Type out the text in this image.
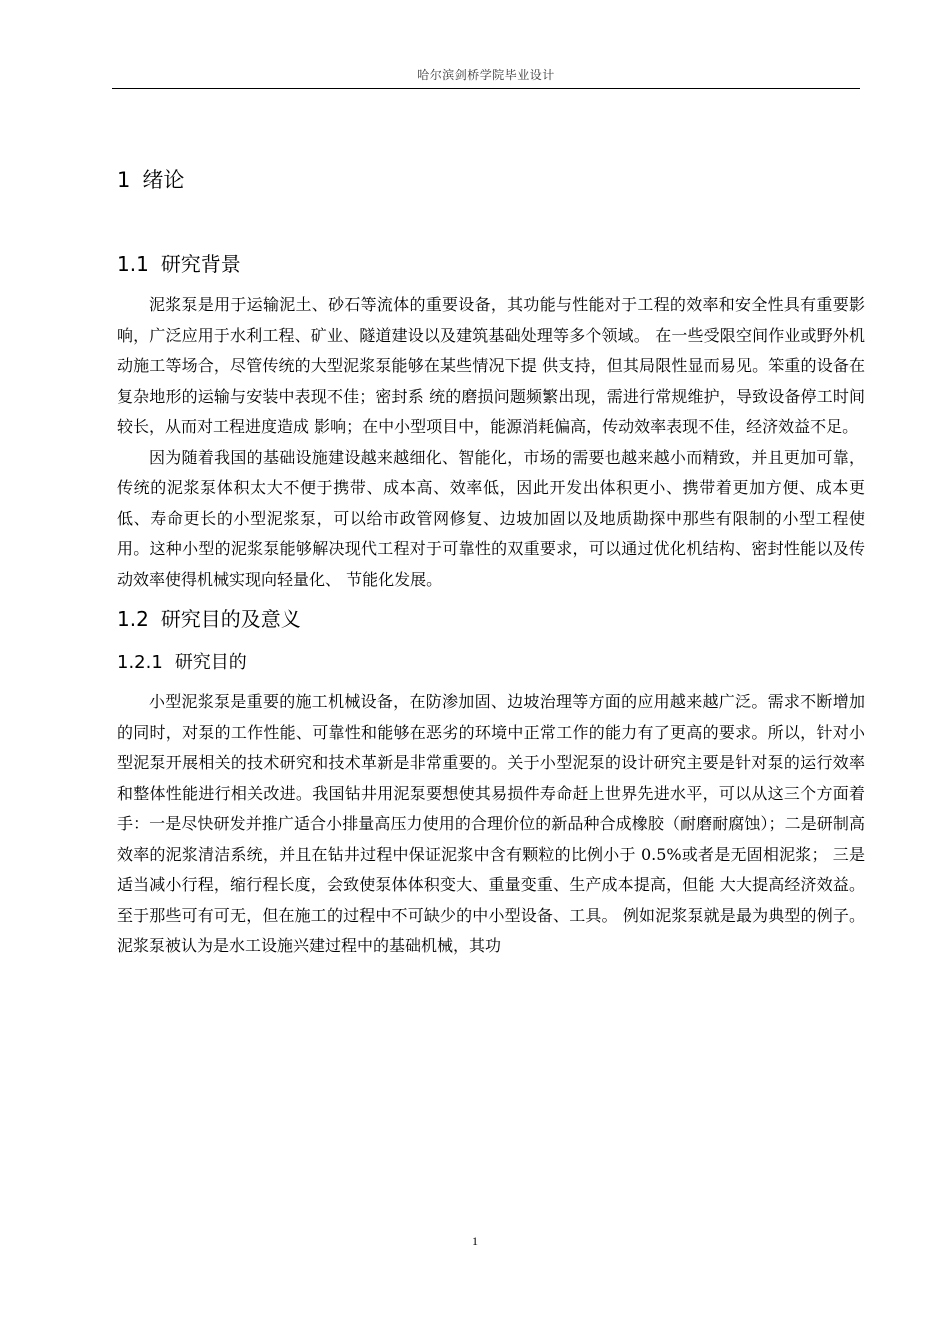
哈尔滨剑桥学院毕业设计
1 绪论
1.1 研究背景

泥浆泵是用于运输泥土、砂石等流体的重要设备，其功能与性能对于工程的效率和安全性具有重要影响，广泛应用于水利工程、矿业、隧道建设以及建筑基础处理等多个领域。 在一些受限空间作业或野外机动施工等场合，尽管传统的大型泥浆泵能够在某些情况下提 供支持，但其局限性显而易见。笨重的设备在复杂地形的运输与安装中表现不佳；密封系 统的磨损问题频繁出现，需进行常规维护，导致设备停工时间较长，从而对工程进度造成 影响；在中小型项目中，能源消耗偏高，传动效率表现不佳，经济效益不足。

因为随着我国的基础设施建设越来越细化、智能化，市场的需要也越来越小而精致，并且更加可靠，传统的泥浆泵体积太大不便于携带、成本高、效率低，因此开发出体积更小、携带着更加方便、成本更低、寿命更长的小型泥浆泵，可以给市政管网修复、边坡加固以及地质勘探中那些有限制的小型工程使用。这种小型的泥浆泵能够解决现代工程对于可靠性的双重要求，可以通过优化机结构、密封性能以及传动效率使得机械实现向轻量化、 节能化发展。

1.2 研究目的及意义
1.2.1 研究目的

小型泥浆泵是重要的施工机械设备，在防渗加固、边坡治理等方面的应用越来越广泛。需求不断增加的同时，对泵的工作性能、可靠性和能够在恶劣的环境中正常工作的能力有了更高的要求。所以，针对小型泥泵开展相关的技术研究和技术革新是非常重要的。关于小型泥泵的设计研究主要是针对泵的运行效率和整体性能进行相关改进。我国钻井用泥泵要想使其易损件寿命赶上世界先进水平，可以从这三个方面着手：一是尽快研发并推广适合小排量高压力使用的合理价位的新品种合成橡胶（耐磨耐腐蚀）；二是研制高效率的泥浆清洁系统，并且在钻井过程中保证泥浆中含有颗粒的比例小于 0.5%或者是无固相泥浆； 三是适当减小行程，缩行程长度，会致使泵体体积变大、重量变重、生产成本提高，但能 大大提高经济效益。至于那些可有可无，但在施工的过程中不可缺少的中小型设备、工具。 例如泥浆泵就是最为典型的例子。泥浆泵被认为是水工设施兴建过程中的基础机械，其功

1
